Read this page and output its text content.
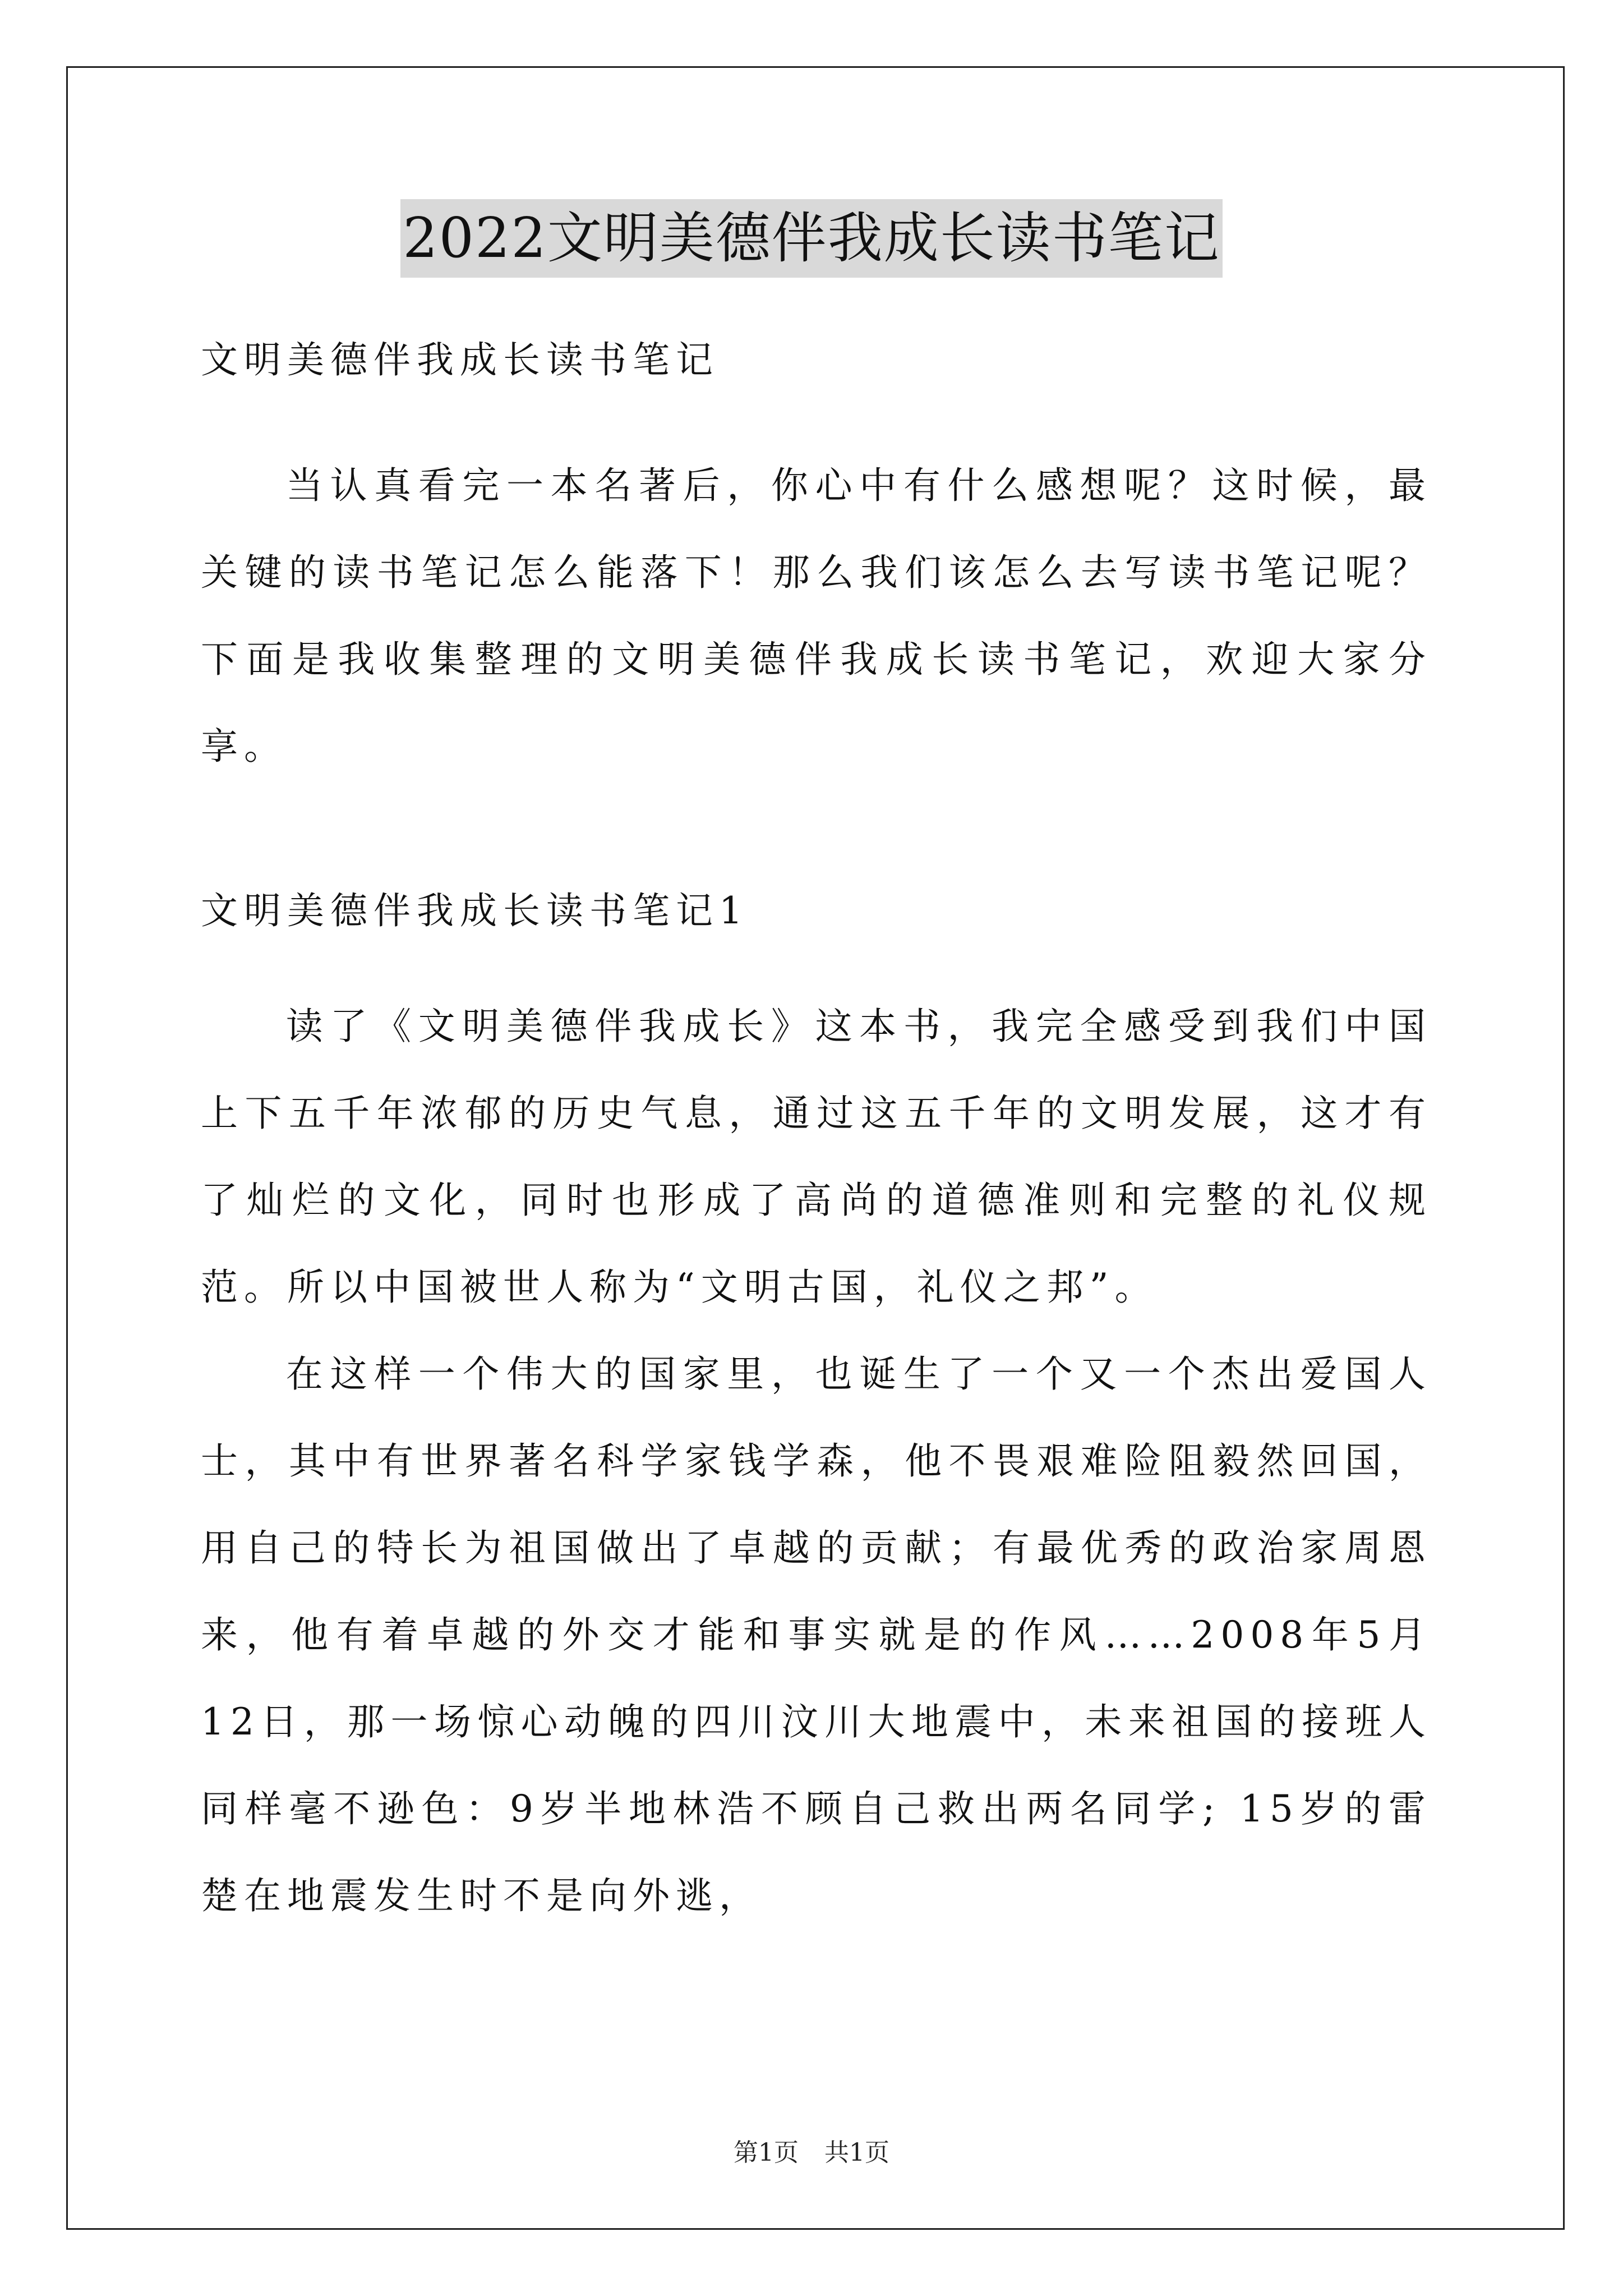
2022文明美德伴我成长读书笔记
文明美德伴我成长读书笔记

当认真看完一本名著后，你心中有什么感想呢？这时候，最关键的读书笔记怎么能落下！那么我们该怎么去写读书笔记呢？下面是我收集整理的文明美德伴我成长读书笔记，欢迎大家分享。

文明美德伴我成长读书笔记1

读了《文明美德伴我成长》这本书，我完全感受到我们中国上下五千年浓郁的历史气息，通过这五千年的文明发展，这才有了灿烂的文化，同时也形成了高尚的道德准则和完整的礼仪规范。所以中国被世人称为“文明古国，礼仪之邦”。

在这样一个伟大的国家里，也诞生了一个又一个杰出爱国人士，其中有世界著名科学家钱学森，他不畏艰难险阻毅然回国，用自己的特长为祖国做出了卓越的贡献；有最优秀的政治家周恩来，他有着卓越的外交才能和事实就是的作风……2008年5月12日，那一场惊心动魄的四川汶川大地震中，未来祖国的接班人同样毫不逊色：9岁半地林浩不顾自己救出两名同学; 15岁的雷楚在地震发生时不是向外逃，

第1页 共1页
